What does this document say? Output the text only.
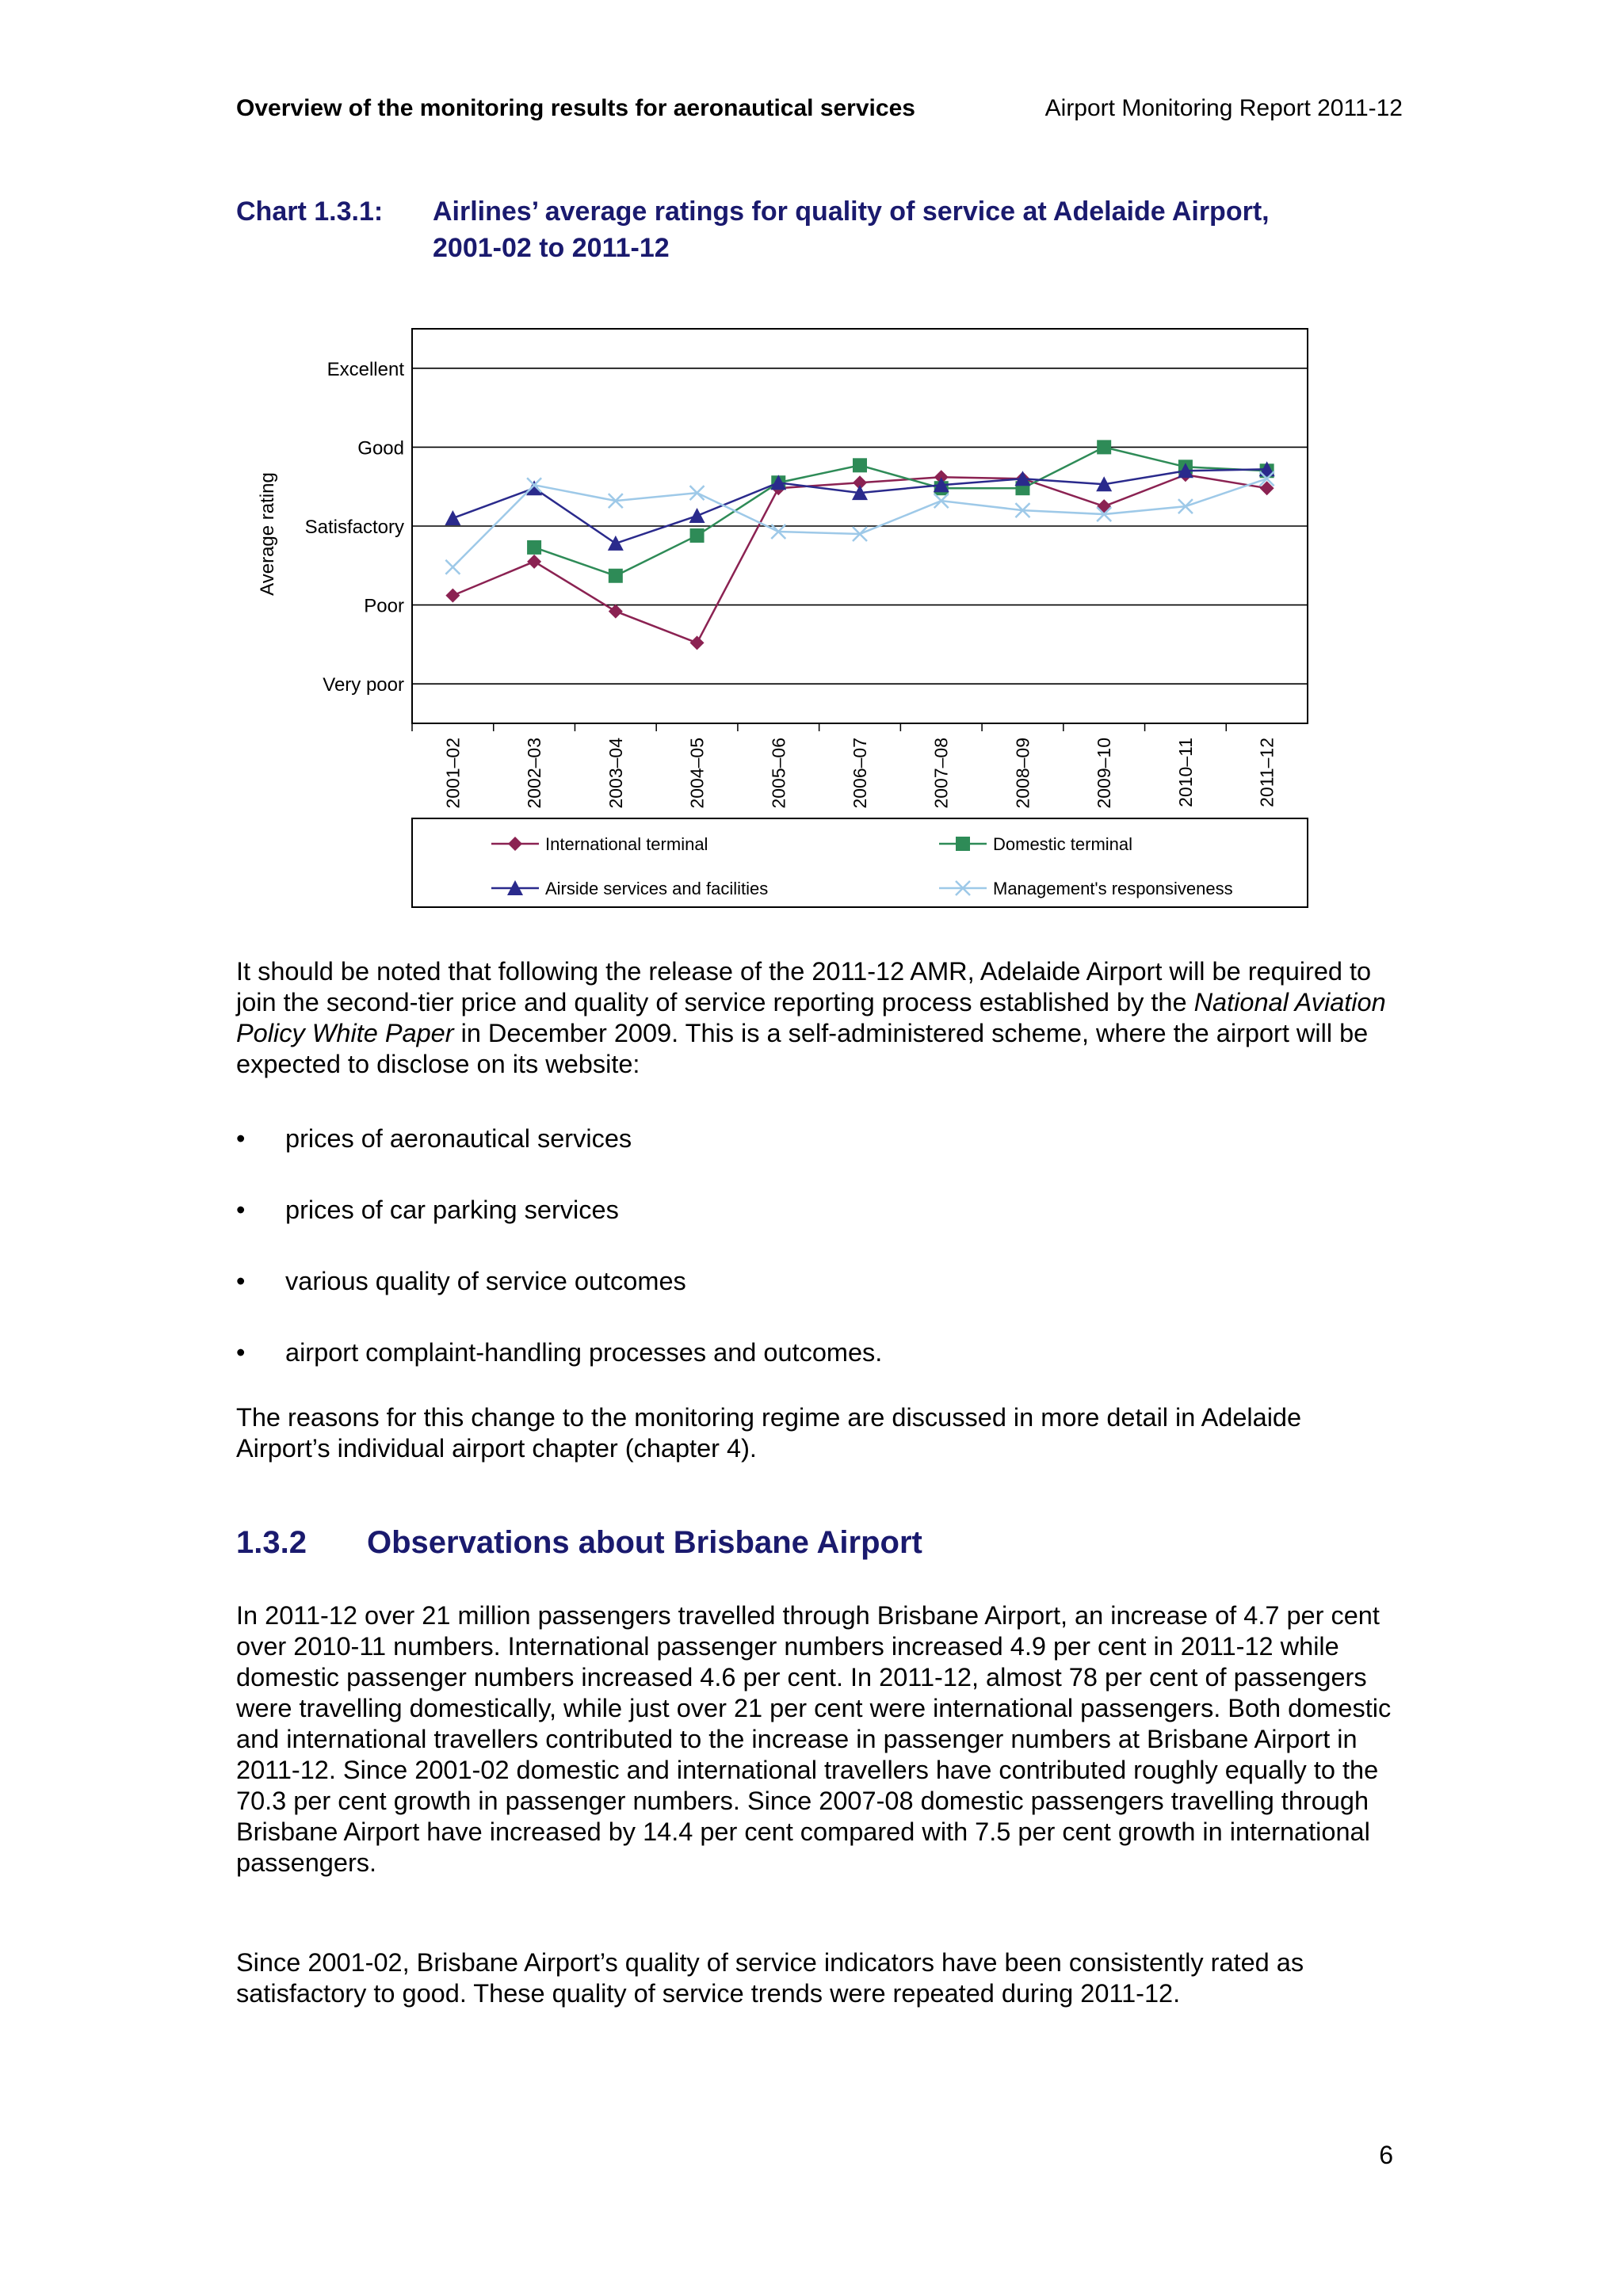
Overview of the monitoring results for aeronautical services	Airport Monitoring Report 2011-12
Chart 1.3.1:	Airlines’ average ratings for quality of service at Adelaide Airport,
2001-02 to 2011-12
Very poor
Poor
Satisfactory
Good
Excellent
Average rating
2001–02	2002–03	2003–04	2004–05	2005–06	2006–07	2007–08	2008–09	2009–10	2010–11	2011–12
International terminal	Domestic terminal
Airside services and facilities	Management's responsiveness

It should be noted that following the release of the 2011-12 AMR, Adelaide Airport will be required to join the second-tier price and quality of service reporting process established by the National Aviation Policy White Paper in December 2009. This is a self-administered scheme, where the airport will be expected to disclose on its website:

• prices of aeronautical services
• prices of car parking services
• various quality of service outcomes
• airport complaint-handling processes and outcomes.

The reasons for this change to the monitoring regime are discussed in more detail in Adelaide Airport’s individual airport chapter (chapter 4).

1.3.2 Observations about Brisbane Airport

In 2011-12 over 21 million passengers travelled through Brisbane Airport, an increase of 4.7 per cent over 2010-11 numbers. International passenger numbers increased 4.9 per cent in 2011-12 while domestic passenger numbers increased 4.6 per cent. In 2011-12, almost 78 per cent of passengers were travelling domestically, while just over 21 per cent were international passengers. Both domestic and international travellers contributed to the increase in passenger numbers at Brisbane Airport in 2011-12. Since 2001-02 domestic and international travellers have contributed roughly equally to the 70.3 per cent growth in passenger numbers. Since 2007-08 domestic passengers travelling through Brisbane Airport have increased by 14.4 per cent compared with 7.5 per cent growth in international passengers.

Since 2001-02, Brisbane Airport’s quality of service indicators have been consistently rated as satisfactory to good. These quality of service trends were repeated during 2011-12.

6
